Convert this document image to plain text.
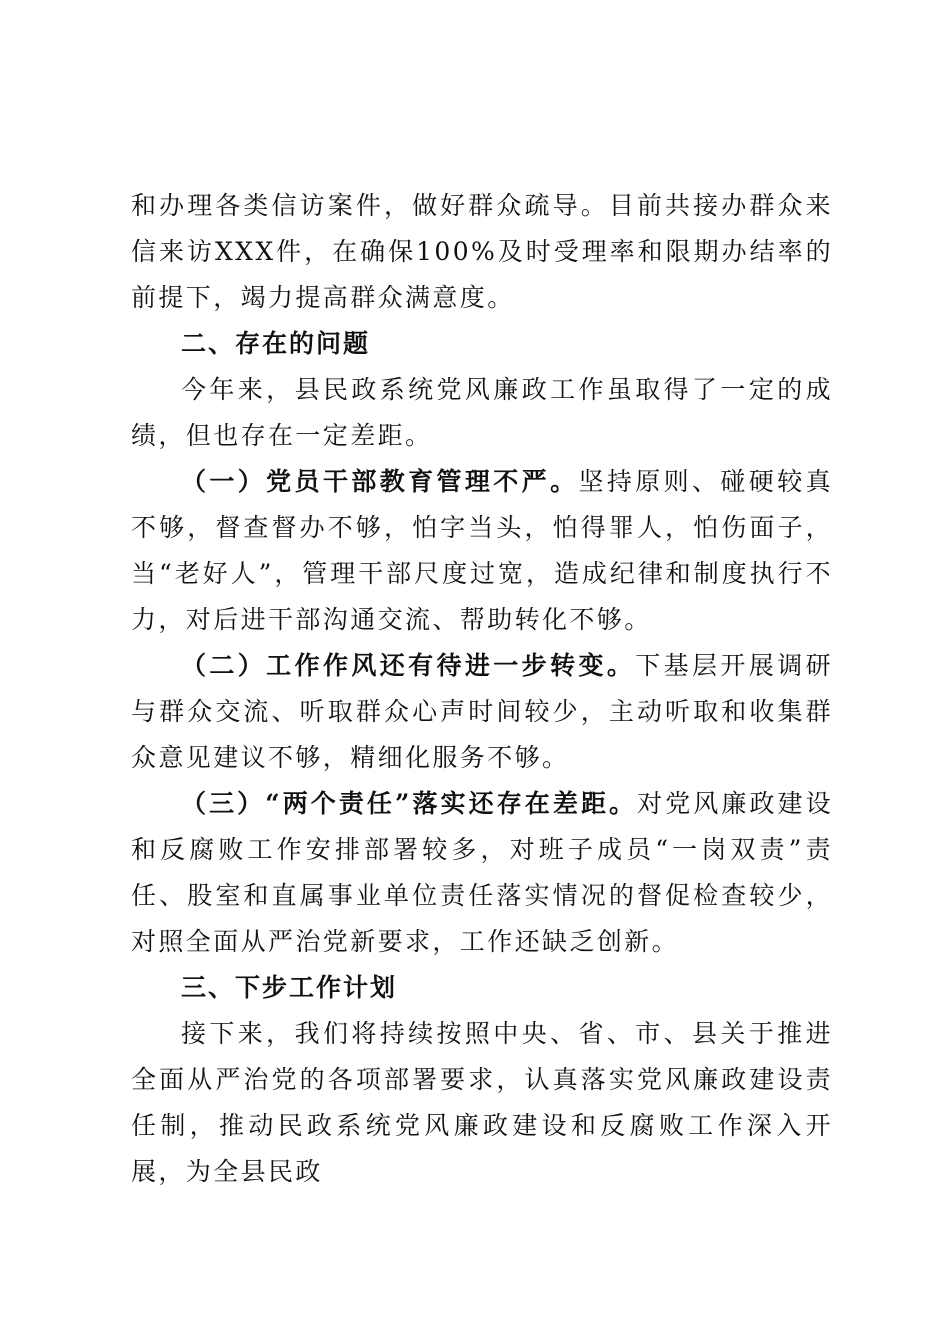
和办理各类信访案件，做好群众疏导。目前共接办群众来信来访XXX件，在确保100%及时受理率和限期办结率的前提下，竭力提高群众满意度。

二、存在的问题

今年来，县民政系统党风廉政工作虽取得了一定的成绩，但也存在一定差距。

（一）党员干部教育管理不严。坚持原则、碰硬较真不够，督查督办不够，怕字当头，怕得罪人，怕伤面子，当“老好人”，管理干部尺度过宽，造成纪律和制度执行不力，对后进干部沟通交流、帮助转化不够。

（二）工作作风还有待进一步转变。下基层开展调研与群众交流、听取群众心声时间较少，主动听取和收集群众意见建议不够，精细化服务不够。

（三）“两个责任”落实还存在差距。对党风廉政建设和反腐败工作安排部署较多，对班子成员“一岗双责”责任、股室和直属事业单位责任落实情况的督促检查较少，对照全面从严治党新要求，工作还缺乏创新。

三、下步工作计划

接下来，我们将持续按照中央、省、市、县关于推进全面从严治党的各项部署要求，认真落实党风廉政建设责任制，推动民政系统党风廉政建设和反腐败工作深入开展，为全县民政
